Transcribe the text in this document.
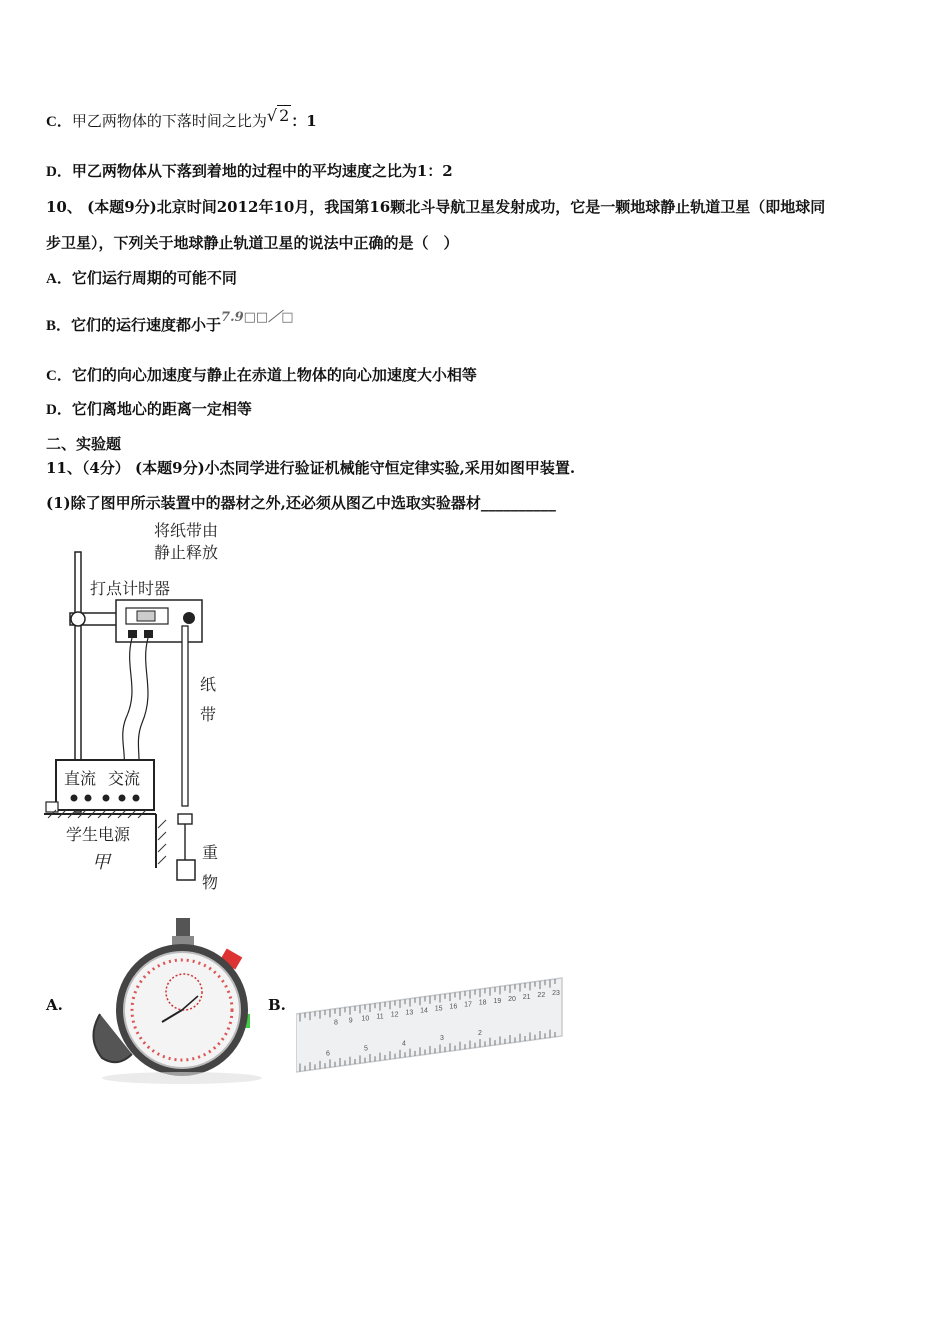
C．甲乙两物体的下落时间之比为√ 2 ：1
D．甲乙两物体从下落到着地的过程中的平均速度之比为1：2
10、 (本题9分)北京时间2012年10月，我国第16颗北斗导航卫星发射成功，它是一颗地球静止轨道卫星（即地球同
步卫星），下列关于地球静止轨道卫星的说法中正确的是（　）
A．它们运行周期的可能不同
B．它们的运行速度都小于7.9□□／□
C．它们的向心加速度与静止在赤道上物体的向心加速度大小相等
D．它们离地心的距离一定相等
二、实验题
11、（4分） (本题9分)小杰同学进行验证机械能守恒定律实验,采用如图甲装置.
(1)除了图甲所示装置中的器材之外,还必须从图乙中选取实验器材__________
将纸带由
静止释放
打点计时器
纸
带
直流 交流
学生电源
甲	重
物
A.	B.
8 9 10 11 12 13 14 15 16 17 18 19 20 21 22 23
6
5
4
3
2
